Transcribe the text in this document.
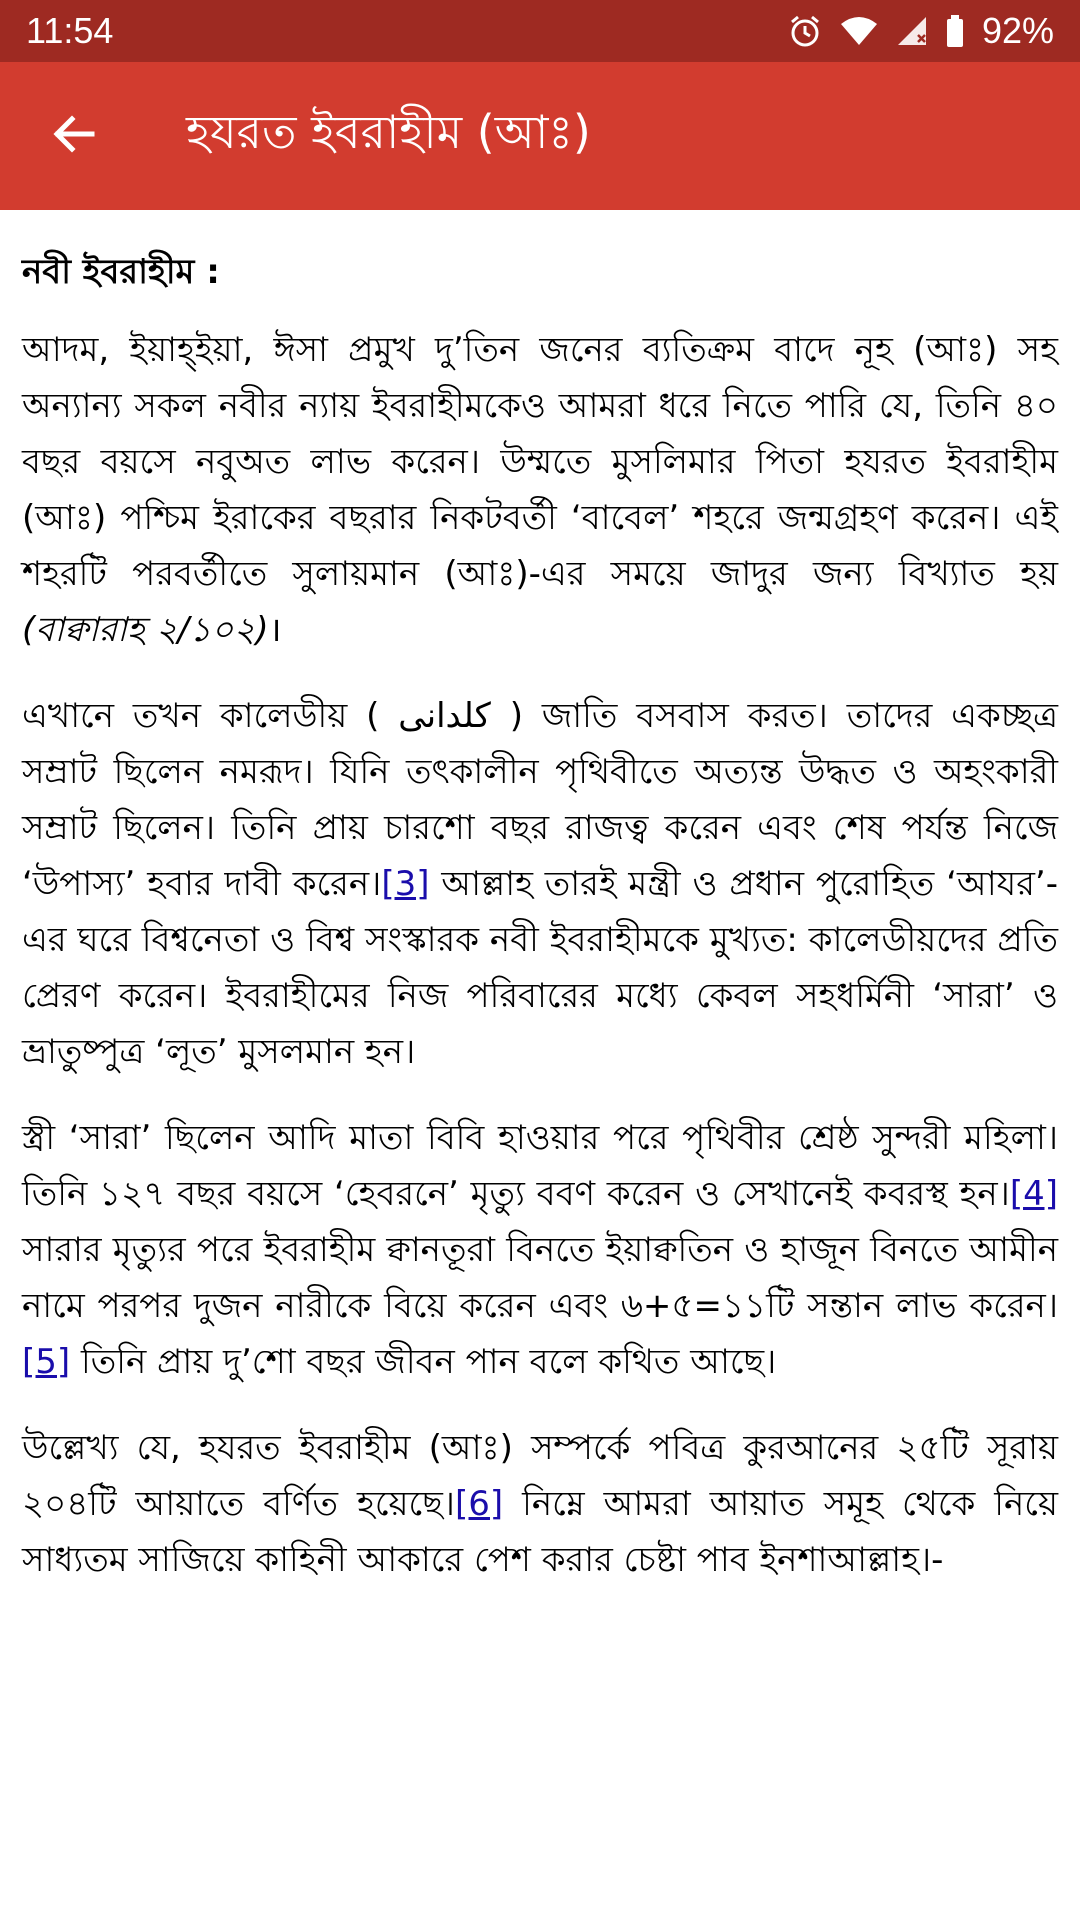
11:54	92%
হযরত ইবরাহীম (আঃ)
নবী ইবরাহীম :

আদম, ইয়াহ্‌ইয়া, ঈসা প্রমুখ দু’তিন জনের ব্যতিক্রম বাদে নূহ (আঃ) সহ অন্যান্য সকল নবীর ন্যায় ইবরাহীমকেও আমরা ধরে নিতে পারি যে, তিনি ৪০ বছর বয়সে নবুঅত লাভ করেন। উম্মতে মুসলিমার পিতা হযরত ইবরাহীম (আঃ) পশ্চিম ইরাকের বছরার নিকটবর্তী ‘বাবেল’ শহরে জন্মগ্রহণ করেন। এই শহরটি পরবর্তীতে সুলায়মান (আঃ)-এর সময়ে জাদুর জন্য বিখ্যাত হয় (বাক্বারাহ ২/১০২)।

এখানে তখন কালেডীয় ( كلدانى ) জাতি বসবাস করত। তাদের একচ্ছত্র সম্রাট ছিলেন নমরূদ। যিনি তৎকালীন পৃথিবীতে অত্যন্ত উদ্ধত ও অহংকারী সম্রাট ছিলেন। তিনি প্রায় চারশো বছর রাজত্ব করেন এবং শেষ পর্যন্ত নিজে ‘উপাস্য’ হবার দাবী করেন।[3] আল্লাহ তারই মন্ত্রী ও প্রধান পুরোহিত ‘আযর’-এর ঘরে বিশ্বনেতা ও বিশ্ব সংস্কারক নবী ইবরাহীমকে মুখ্যত: কালেডীয়দের প্রতি প্রেরণ করেন। ইবরাহীমের নিজ পরিবারের মধ্যে কেবল সহধর্মিনী ‘সারা’ ও ভ্রাতুষ্পুত্র ‘লূত’ মুসলমান হন।

স্ত্রী ‘সারা’ ছিলেন আদি মাতা বিবি হাওয়ার পরে পৃথিবীর শ্রেষ্ঠ সুন্দরী মহিলা। তিনি ১২৭ বছর বয়সে ‘হেবরনে’ মৃত্যু ববণ করেন ও সেখানেই কবরস্থ হন।[4] সারার মৃত্যুর পরে ইবরাহীম ক্বানতূরা বিনতে ইয়াক্বতিন ও হাজূন বিনতে আমীন নামে পরপর দুজন নারীকে বিয়ে করেন এবং ৬+৫=১১টি সন্তান লাভ করেন।[5] তিনি প্রায় দু’শো বছর জীবন পান বলে কথিত আছে।

উল্লেখ্য যে, হযরত ইবরাহীম (আঃ) সম্পর্কে পবিত্র কুরআনের ২৫টি সূরায় ২০৪টি আয়াতে বর্ণিত হয়েছে।[6] নিম্নে আমরা আয়াত সমূহ থেকে নিয়ে সাধ্যতম সাজিয়ে কাহিনী আকারে পেশ করার চেষ্টা পাব ইনশাআল্লাহ।-
